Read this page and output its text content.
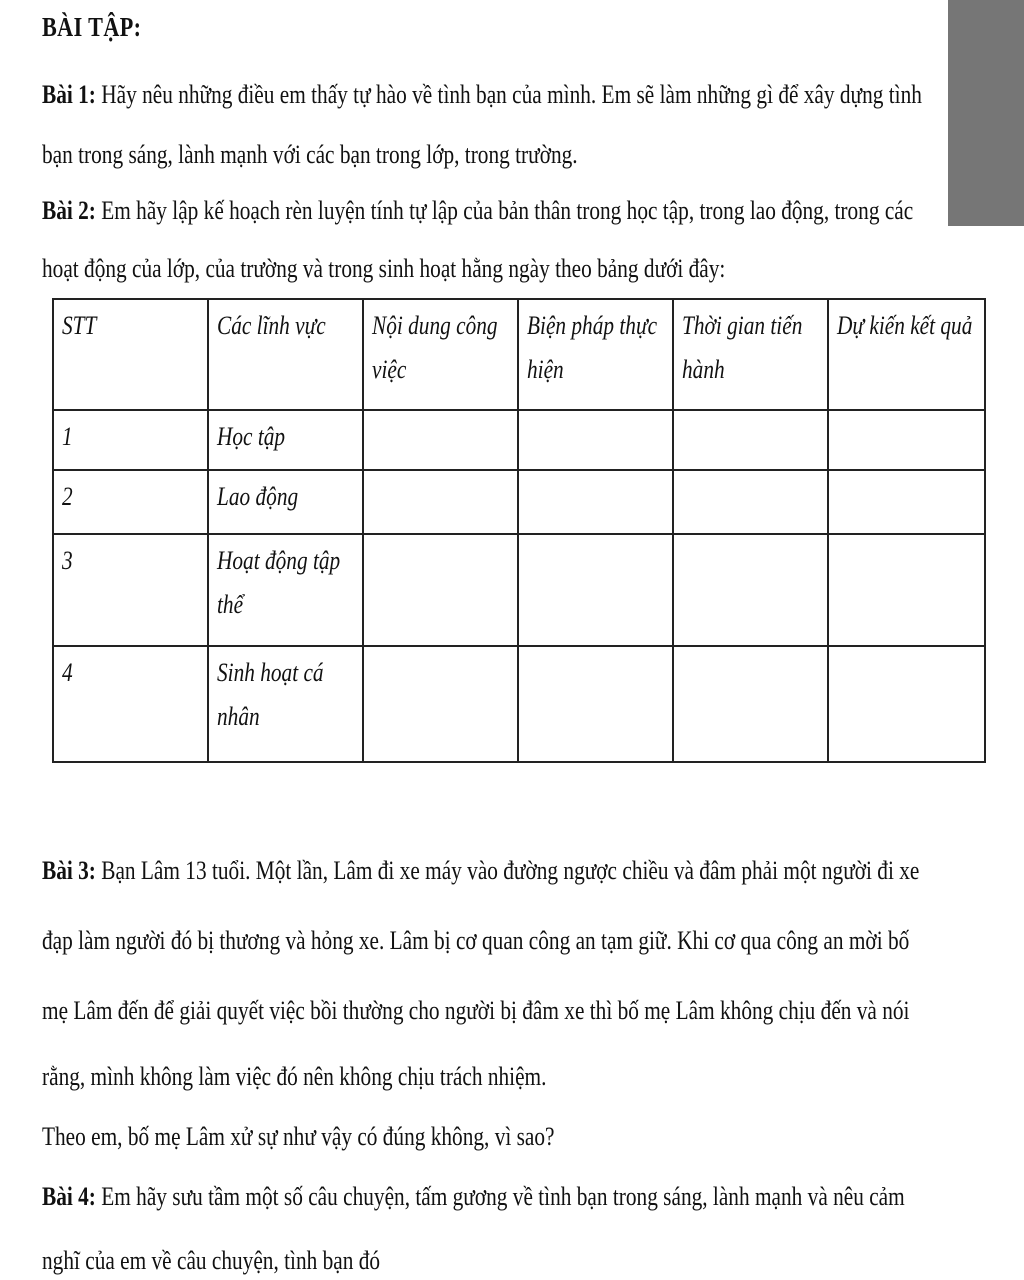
BÀI TẬP:
Bài 1: Hãy nêu những điều em thấy tự hào về tình bạn của mình. Em sẽ làm những gì để xây dựng tình
bạn trong sáng, lành mạnh với các bạn trong lớp, trong trường.
Bài 2: Em hãy lập kế hoạch rèn luyện tính tự lập của bản thân trong học tập, trong lao động, trong các
hoạt động của lớp, của trường và trong sinh hoạt hằng ngày theo bảng dưới đây:
STT	Các lĩnh vực	Nội dung công việc	Biện pháp thực hiện	Thời gian tiến hành	Dự kiến kết quả
1	Học tập				
2	Lao động				
3	Hoạt động tập thể				
4	Sinh hoạt cá nhân				
Bài 3: Bạn Lâm 13 tuổi. Một lần, Lâm đi xe máy vào đường ngược chiều và đâm phải một người đi xe
đạp làm người đó bị thương và hỏng xe. Lâm bị cơ quan công an tạm giữ. Khi cơ qua công an mời bố
mẹ Lâm đến để giải quyết việc bồi thường cho người bị đâm xe thì bố mẹ Lâm không chịu đến và nói
rằng, mình không làm việc đó nên không chịu trách nhiệm.
Theo em, bố mẹ Lâm xử sự như vậy có đúng không, vì sao?
Bài 4: Em hãy sưu tầm một số câu chuyện, tấm gương về tình bạn trong sáng, lành mạnh và nêu cảm
nghĩ của em về câu chuyện, tình bạn đó
